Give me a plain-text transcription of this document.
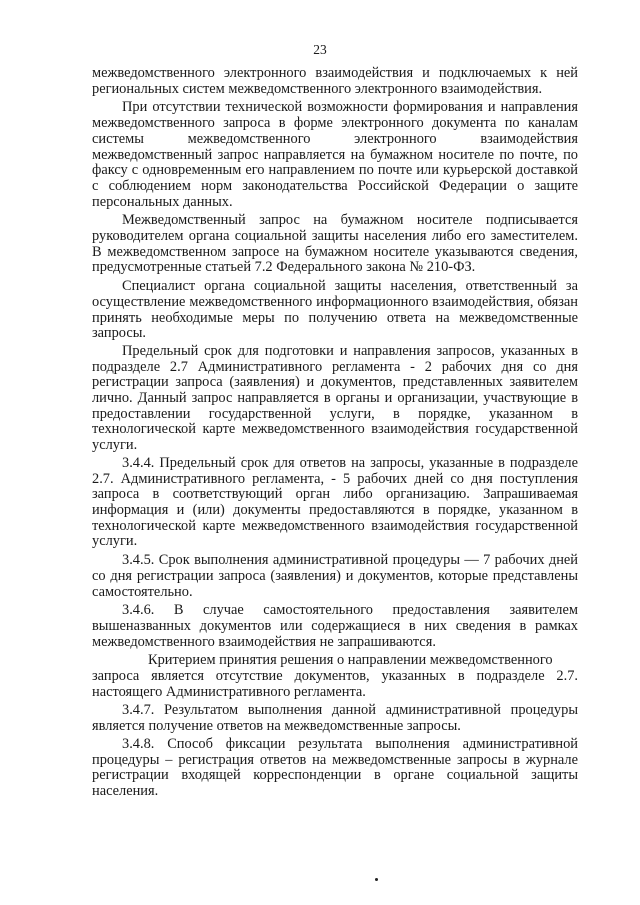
23

межведомственного электронного взаимодействия и подключаемых к ней региональных систем межведомственного электронного взаимодействия.

При отсутствии технической возможности формирования и направления межведомственного запроса в форме электронного документа по каналам системы межведомственного электронного взаимодействия межведомственный запрос направляется на бумажном носителе по почте, по факсу с одновременным его направлением по почте или курьерской доставкой с соблюдением норм законодательства Российской Федерации о защите персональных данных.

Межведомственный запрос на бумажном носителе подписывается руководителем органа социальной защиты населения либо его заместителем. В межведомственном запросе на бумажном носителе указываются сведения, предусмотренные статьей 7.2 Федерального закона № 210-ФЗ.

Специалист органа социальной защиты населения, ответственный за осуществление межведомственного информационного взаимодействия, обязан принять необходимые меры по получению ответа на межведомственные запросы.

Предельный срок для подготовки и направления запросов, указанных в подразделе 2.7 Административного регламента - 2 рабочих дня со дня регистрации запроса (заявления) и документов, представленных заявителем лично. Данный запрос направляется в органы и организации, участвующие в предоставлении государственной услуги, в порядке, указанном в технологической карте межведомственного взаимодействия государственной услуги.

3.4.4. Предельный срок для ответов на запросы, указанные в подразделе 2.7. Административного регламента, - 5 рабочих дней со дня поступления запроса в соответствующий орган либо организацию. Запрашиваемая информация и (или) документы предоставляются в порядке, указанном в технологической карте межведомственного взаимодействия государственной услуги.

3.4.5. Срок выполнения административной процедуры — 7 рабочих дней со дня регистрации запроса (заявления) и документов, которые представлены самостоятельно.

3.4.6. В случае самостоятельного предоставления заявителем вышеназванных документов или содержащиеся в них сведения в рамках межведомственного взаимодействия не запрашиваются.

Критерием принятия решения о направлении межведомственного
запроса является отсутствие документов, указанных в подразделе 2.7. настоящего Административного регламента.

3.4.7. Результатом выполнения данной административной процедуры является получение ответов на межведомственные запросы.

3.4.8. Способ фиксации результата выполнения административной процедуры – регистрация ответов на межведомственные запросы в журнале регистрации входящей корреспонденции в органе социальной защиты населения.
